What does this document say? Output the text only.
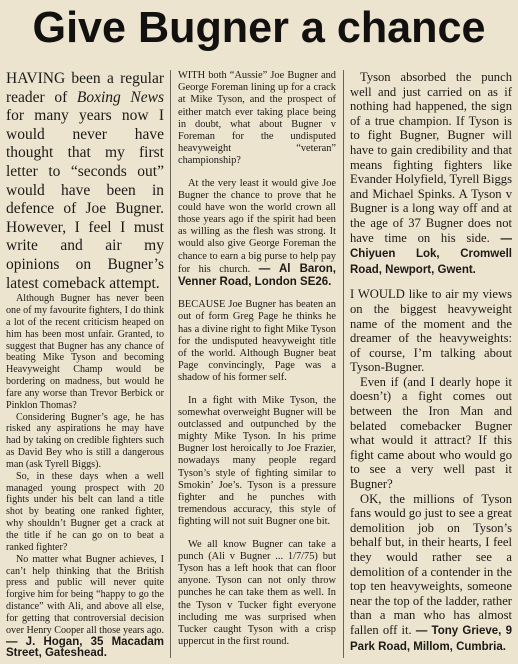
Give Bugner a chance

HAVING been a regular reader of Boxing News for many years now I would never have thought that my first letter to “seconds out” would have been in defence of Joe Bugner. However, I feel I must write and air my opinions on Bugner’s latest comeback attempt.

Although Bugner has never been one of my favourite fighters, I do think a lot of the recent criticism heaped on him has been most unfair. Granted, to suggest that Bugner has any chance of beating Mike Tyson and becoming Heavyweight Champ would be bordering on madness, but would he fare any worse than Trevor Berbick or Pinklon Thomas?

Considering Bugner’s age, he has risked any aspirations he may have had by taking on credible fighters such as David Bey who is still a dangerous man (ask Tyrell Biggs).

So, in these days when a well managed young prospect with 20 fights under his belt can land a title shot by beating one ranked fighter, why shouldn’t Bugner get a crack at the title if he can go on to beat a ranked fighter?

No matter what Bugner achieves, I can’t help thinking that the British press and public will never quite forgive him for being “happy to go the distance” with Ali, and above all else, for getting that controversial decision over Henry Cooper all those years ago. — J. Hogan, 35 Macadam Street, Gateshead.

WITH both “Aussie” Joe Bugner and George Foreman lining up for a crack at Mike Tyson, and the prospect of either match ever taking place being in doubt, what about Bugner v Foreman for the undisputed heavyweight “veteran” championship?

At the very least it would give Joe Bugner the chance to prove that he could have won the world crown all those years ago if the spirit had been as willing as the flesh was strong. It would also give George Foreman the chance to earn a big purse to help pay for his church. — Al Baron, Venner Road, London SE26.

BECAUSE Joe Bugner has beaten an out of form Greg Page he thinks he has a divine right to fight Mike Tyson for the undisputed heavyweight title of the world. Although Bugner beat Page convincingly, Page was a shadow of his former self.

In a fight with Mike Tyson, the somewhat overweight Bugner will be outclassed and outpunched by the mighty Mike Tyson. In his prime Bugner lost heroically to Joe Frazier, nowadays many people regard Tyson’s style of fighting similar to Smokin’ Joe’s. Tyson is a pressure fighter and he punches with tremendous accuracy, this style of fighting will not suit Bugner one bit.

We all know Bugner can take a punch (Ali v Bugner ... 1/7/75) but Tyson has a left hook that can floor anyone. Tyson can not only throw punches he can take them as well. In the Tyson v Tucker fight everyone including me was surprised when Tucker caught Tyson with a crisp uppercut in the first round.

Tyson absorbed the punch well and just carried on as if nothing had happened, the sign of a true champion. If Tyson is to fight Bugner, Bugner will have to gain credibility and that means fighting fighters like Evander Holyfield, Tyrell Biggs and Michael Spinks. A Tyson v Bugner is a long way off and at the age of 37 Bugner does not have time on his side. — Chiyuen Lok, Cromwell Road, Newport, Gwent.

I WOULD like to air my views on the biggest heavyweight name of the moment and the dreamer of the heavyweights: of course, I’m talking about Tyson-Bugner.

Even if (and I dearly hope it doesn’t) a fight comes out between the Iron Man and belated comebacker Bugner what would it attract? If this fight came about who would go to see a very well past it Bugner?

OK, the millions of Tyson fans would go just to see a great demolition job on Tyson’s behalf but, in their hearts, I feel they would rather see a demolition of a contender in the top ten heavyweights, someone near the top of the ladder, rather than a man who has almost fallen off it. — Tony Grieve, 9 Park Road, Millom, Cumbria.
